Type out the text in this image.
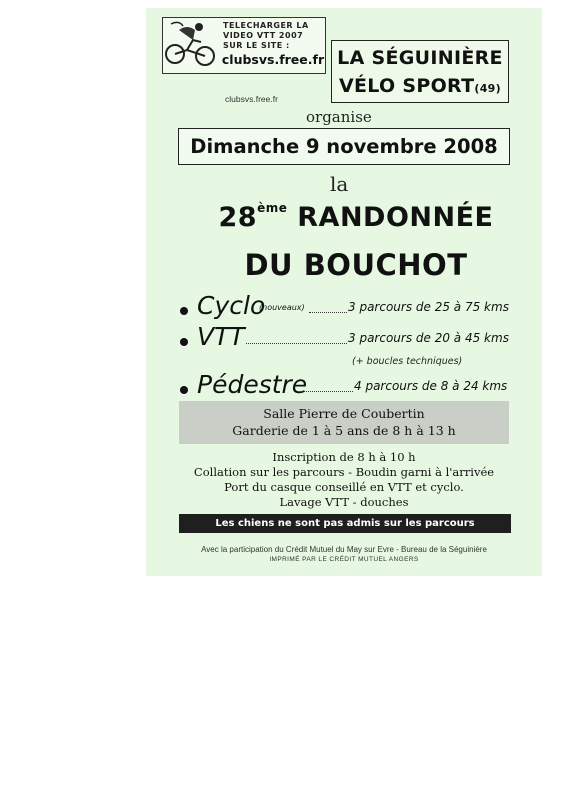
TELECHARGER LA
VIDEO VTT 2007
SUR LE SITE :
clubsvs.free.fr LA SÉGUINIÈRE
VÉLO SPORT(49)
clubsvs.free.fr
organise
Dimanche 9 novembre 2008
la
28ème RANDONNÉE
DU BOUCHOT
Cyclo
(nouveaux)	3 parcours de 25 à 75 kms
VTT	3 parcours de 20 à 45 kms
(+ boucles techniques)
Pédestre	4 parcours de 8 à 24 kms
Salle Pierre de Coubertin
Garderie de 1 à 5 ans de 8 h à 13 h
Inscription de 8 h à 10 h
Collation sur les parcours - Boudin garni à l'arrivée
Port du casque conseillé en VTT et cyclo.
Lavage VTT - douches
Les chiens ne sont pas admis sur les parcours
Avec la participation du Crédit Mutuel du May sur Evre - Bureau de la Séguinière
IMPRIMÉ PAR LE CRÉDIT MUTUEL ANGERS
